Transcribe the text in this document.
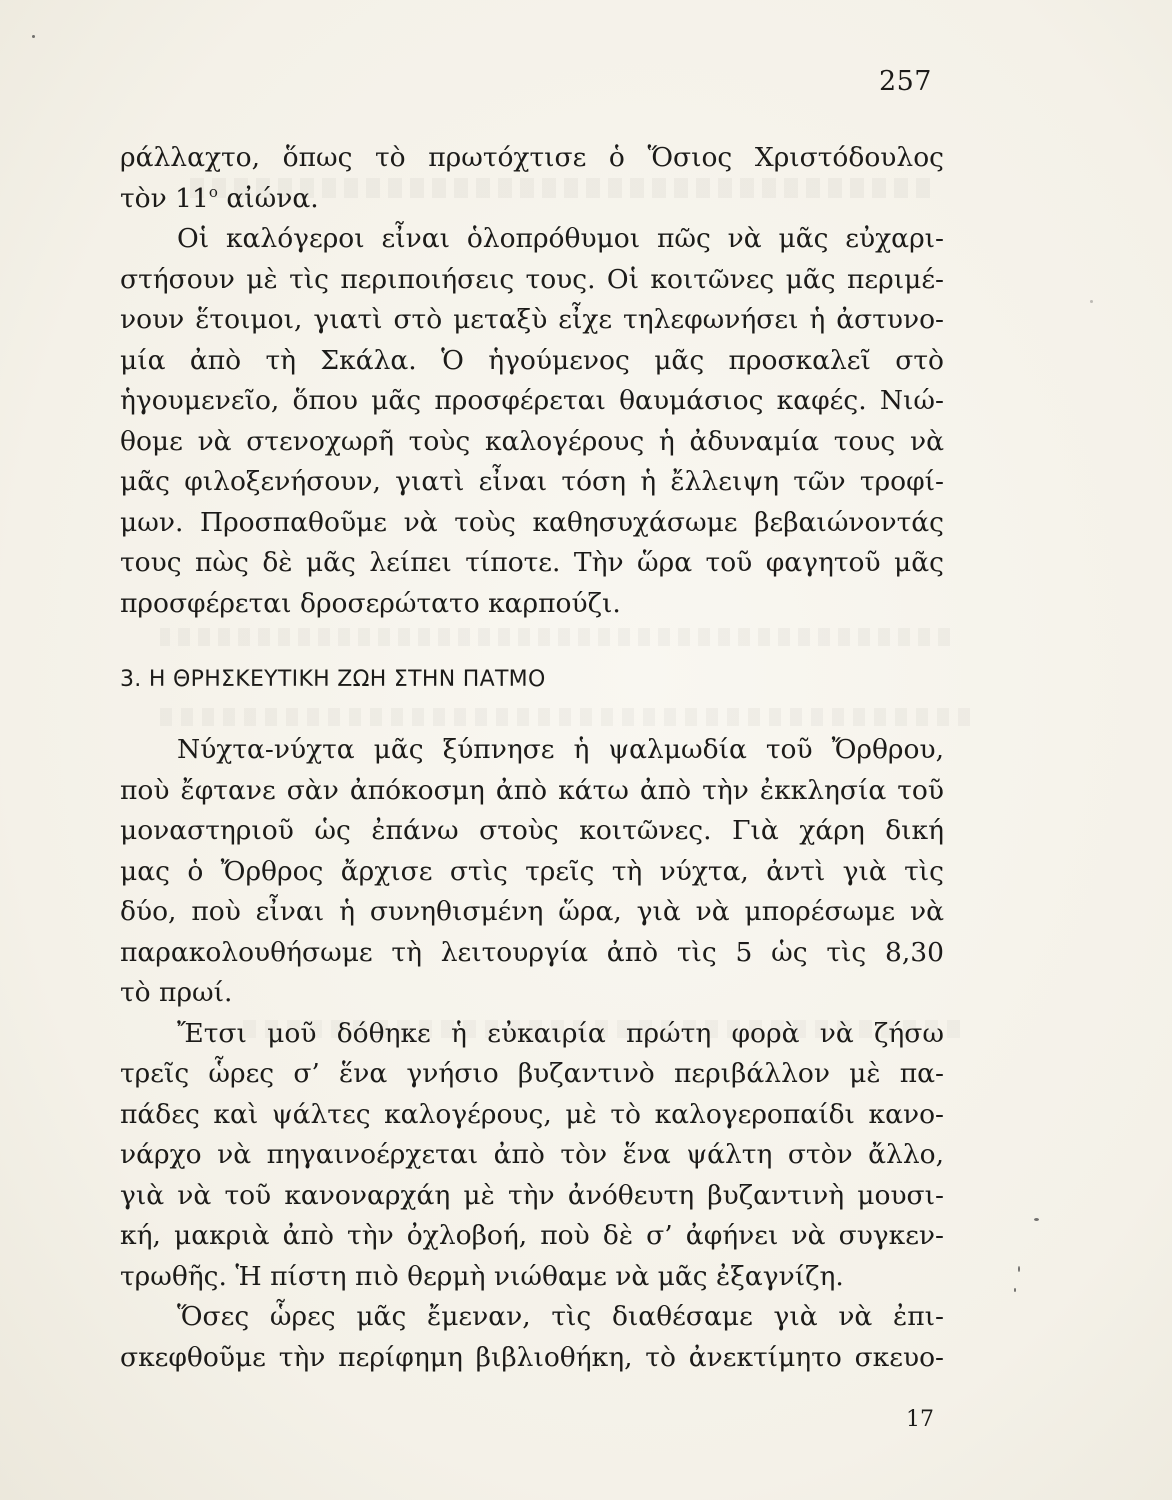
257
ράλλαχτο, ὅπως τὸ πρωτόχτισε ὁ Ὅσιος Χριστόδουλος
τὸν $11^o$ αἰώνα.
Οἱ καλόγεροι εἶναι ὁλοπρόθυμοι πῶς νὰ μᾶς εὐχαρι-
στήσουν μὲ τὶς περιποιήσεις τους. Οἱ κοιτῶνες μᾶς περιμέ-
νουν ἕτοιμοι, γιατὶ στὸ μεταξὺ εἶχε τηλεφωνήσει ἡ ἀστυνο-
μία ἀπὸ τὴ Σκάλα. Ὁ ἡγούμενος μᾶς προσκαλεῖ στὸ
ἡγουμενεῖο, ὅπου μᾶς προσφέρεται θαυμάσιος καφές. Νιώ-
θομε νὰ στενοχωρῆ τοὺς καλογέρους ἡ ἀδυναμία τους νὰ
μᾶς φιλοξενήσουν, γιατὶ εἶναι τόση ἡ ἔλλειψη τῶν τροφί-
μων. Προσπαθοῦμε νὰ τοὺς καθησυχάσωμε βεβαιώνοντάς
τους πὼς δὲ μᾶς λείπει τίποτε. Τὴν ὥρα τοῦ φαγητοῦ μᾶς
προσφέρεται δροσερώτατο καρπούζι.
3. Η ΘΡΗΣΚΕΥΤΙΚΗ ΖΩΗ ΣΤΗΝ ΠΑΤΜΟ
Νύχτα-νύχτα μᾶς ξύπνησε ἡ ψαλμωδία τοῦ Ὄρθρου,
ποὺ ἔφτανε σὰν ἀπόκοσμη ἀπὸ κάτω ἀπὸ τὴν ἐκκλησία τοῦ
μοναστηριοῦ ὡς ἐπάνω στοὺς κοιτῶνες. Γιὰ χάρη δική
μας ὁ Ὄρθρος ἄρχισε στὶς τρεῖς τὴ νύχτα, ἀντὶ γιὰ τὶς
δύο, ποὺ εἶναι ἡ συνηθισμένη ὥρα, γιὰ νὰ μπορέσωμε νὰ
παρακολουθήσωμε τὴ λειτουργία ἀπὸ τὶς 5 ὡς τὶς 8,30
τὸ πρωί.
Ἔτσι μοῦ δόθηκε ἡ εὐκαιρία πρώτη φορὰ νὰ ζήσω
τρεῖς ὧρες σ’ ἕνα γνήσιο βυζαντινὸ περιβάλλον μὲ πα-
πάδες καὶ ψάλτες καλογέρους, μὲ τὸ καλογεροπαίδι κανο-
νάρχο νὰ πηγαινοέρχεται ἀπὸ τὸν ἕνα ψάλτη στὸν ἄλλο,
γιὰ νὰ τοῦ κανοναρχάη μὲ τὴν ἀνόθευτη βυζαντινὴ μουσι-
κή, μακριὰ ἀπὸ τὴν ὀχλοβοή, ποὺ δὲ σ’ ἀφήνει νὰ συγκεν-
τρωθῆς. Ἡ πίστη πιὸ θερμὴ νιώθαμε νὰ μᾶς ἐξαγνίζη.
Ὅσες ὧρες μᾶς ἔμεναν, τὶς διαθέσαμε γιὰ νὰ ἐπι-
σκεφθοῦμε τὴν περίφημη βιβλιοθήκη, τὸ ἀνεκτίμητο σκευο-
17
